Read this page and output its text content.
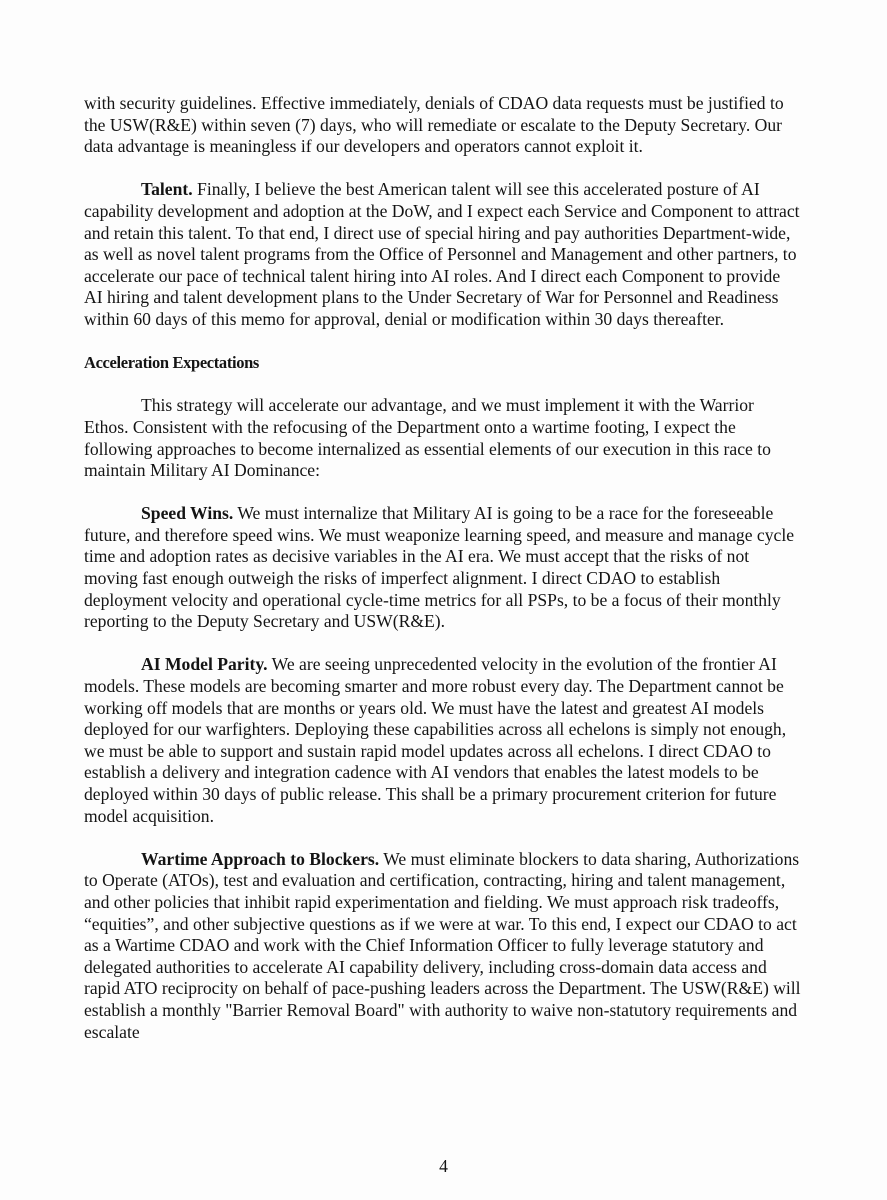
with security guidelines. Effective immediately, denials of CDAO data requests must be justified to the USW(R&E) within seven (7) days, who will remediate or escalate to the Deputy Secretary. Our data advantage is meaningless if our developers and operators cannot exploit it.

Talent. Finally, I believe the best American talent will see this accelerated posture of AI capability development and adoption at the DoW, and I expect each Service and Component to attract and retain this talent. To that end, I direct use of special hiring and pay authorities Department-wide, as well as novel talent programs from the Office of Personnel and Management and other partners, to accelerate our pace of technical talent hiring into AI roles. And I direct each Component to provide AI hiring and talent development plans to the Under Secretary of War for Personnel and Readiness within 60 days of this memo for approval, denial or modification within 30 days thereafter.

Acceleration Expectations

This strategy will accelerate our advantage, and we must implement it with the Warrior Ethos. Consistent with the refocusing of the Department onto a wartime footing, I expect the following approaches to become internalized as essential elements of our execution in this race to maintain Military AI Dominance:

Speed Wins. We must internalize that Military AI is going to be a race for the foreseeable future, and therefore speed wins. We must weaponize learning speed, and measure and manage cycle time and adoption rates as decisive variables in the AI era. We must accept that the risks of not moving fast enough outweigh the risks of imperfect alignment. I direct CDAO to establish deployment velocity and operational cycle-time metrics for all PSPs, to be a focus of their monthly reporting to the Deputy Secretary and USW(R&E).

AI Model Parity. We are seeing unprecedented velocity in the evolution of the frontier AI models. These models are becoming smarter and more robust every day. The Department cannot be working off models that are months or years old. We must have the latest and greatest AI models deployed for our warfighters. Deploying these capabilities across all echelons is simply not enough, we must be able to support and sustain rapid model updates across all echelons. I direct CDAO to establish a delivery and integration cadence with AI vendors that enables the latest models to be deployed within 30 days of public release. This shall be a primary procurement criterion for future model acquisition.

Wartime Approach to Blockers. We must eliminate blockers to data sharing, Authorizations to Operate (ATOs), test and evaluation and certification, contracting, hiring and talent management, and other policies that inhibit rapid experimentation and fielding. We must approach risk tradeoffs, “equities”, and other subjective questions as if we were at war. To this end, I expect our CDAO to act as a Wartime CDAO and work with the Chief Information Officer to fully leverage statutory and delegated authorities to accelerate AI capability delivery, including cross-domain data access and rapid ATO reciprocity on behalf of pace-pushing leaders across the Department. The USW(R&E) will establish a monthly "Barrier Removal Board" with authority to waive non-statutory requirements and escalate

4
